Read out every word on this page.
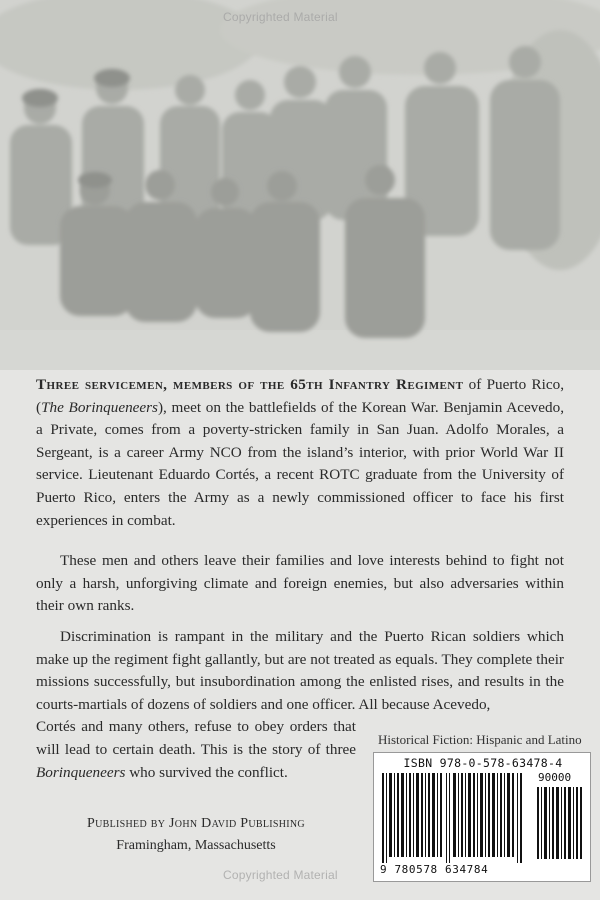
Copyrighted Material

Three servicemen, members of the 65th Infantry Regiment of Puerto Rico, (The Borinqueneers), meet on the battlefields of the Korean War. Benjamin Acevedo, a Private, comes from a poverty-stricken family in San Juan. Adolfo Morales, a Sergeant, is a career Army NCO from the island’s interior, with prior World War II service. Lieutenant Eduardo Cortés, a recent ROTC graduate from the University of Puerto Rico, enters the Army as a newly commissioned officer to face his first experiences in combat.

These men and others leave their families and love interests behind to fight not only a harsh, unforgiving climate and foreign enemies, but also adversaries within their own ranks.

Discrimination is rampant in the military and the Puerto Rican soldiers which make up the regiment fight gallantly, but are not treated as equals. They complete their missions successfully, but insubordination among the enlisted rises, and results in the courts-martials of dozens of soldiers and one officer. All because Acevedo,

Cortés and many others, refuse to obey orders that will lead to certain death. This is the story of three Borinqueneers who survived the conflict.

Historical Fiction: Hispanic and Latino
ISBN 978-0-578-63478-4
90000
9 780578 634784
Published by John David Publishing
Framingham, Massachusetts
Copyrighted Material
